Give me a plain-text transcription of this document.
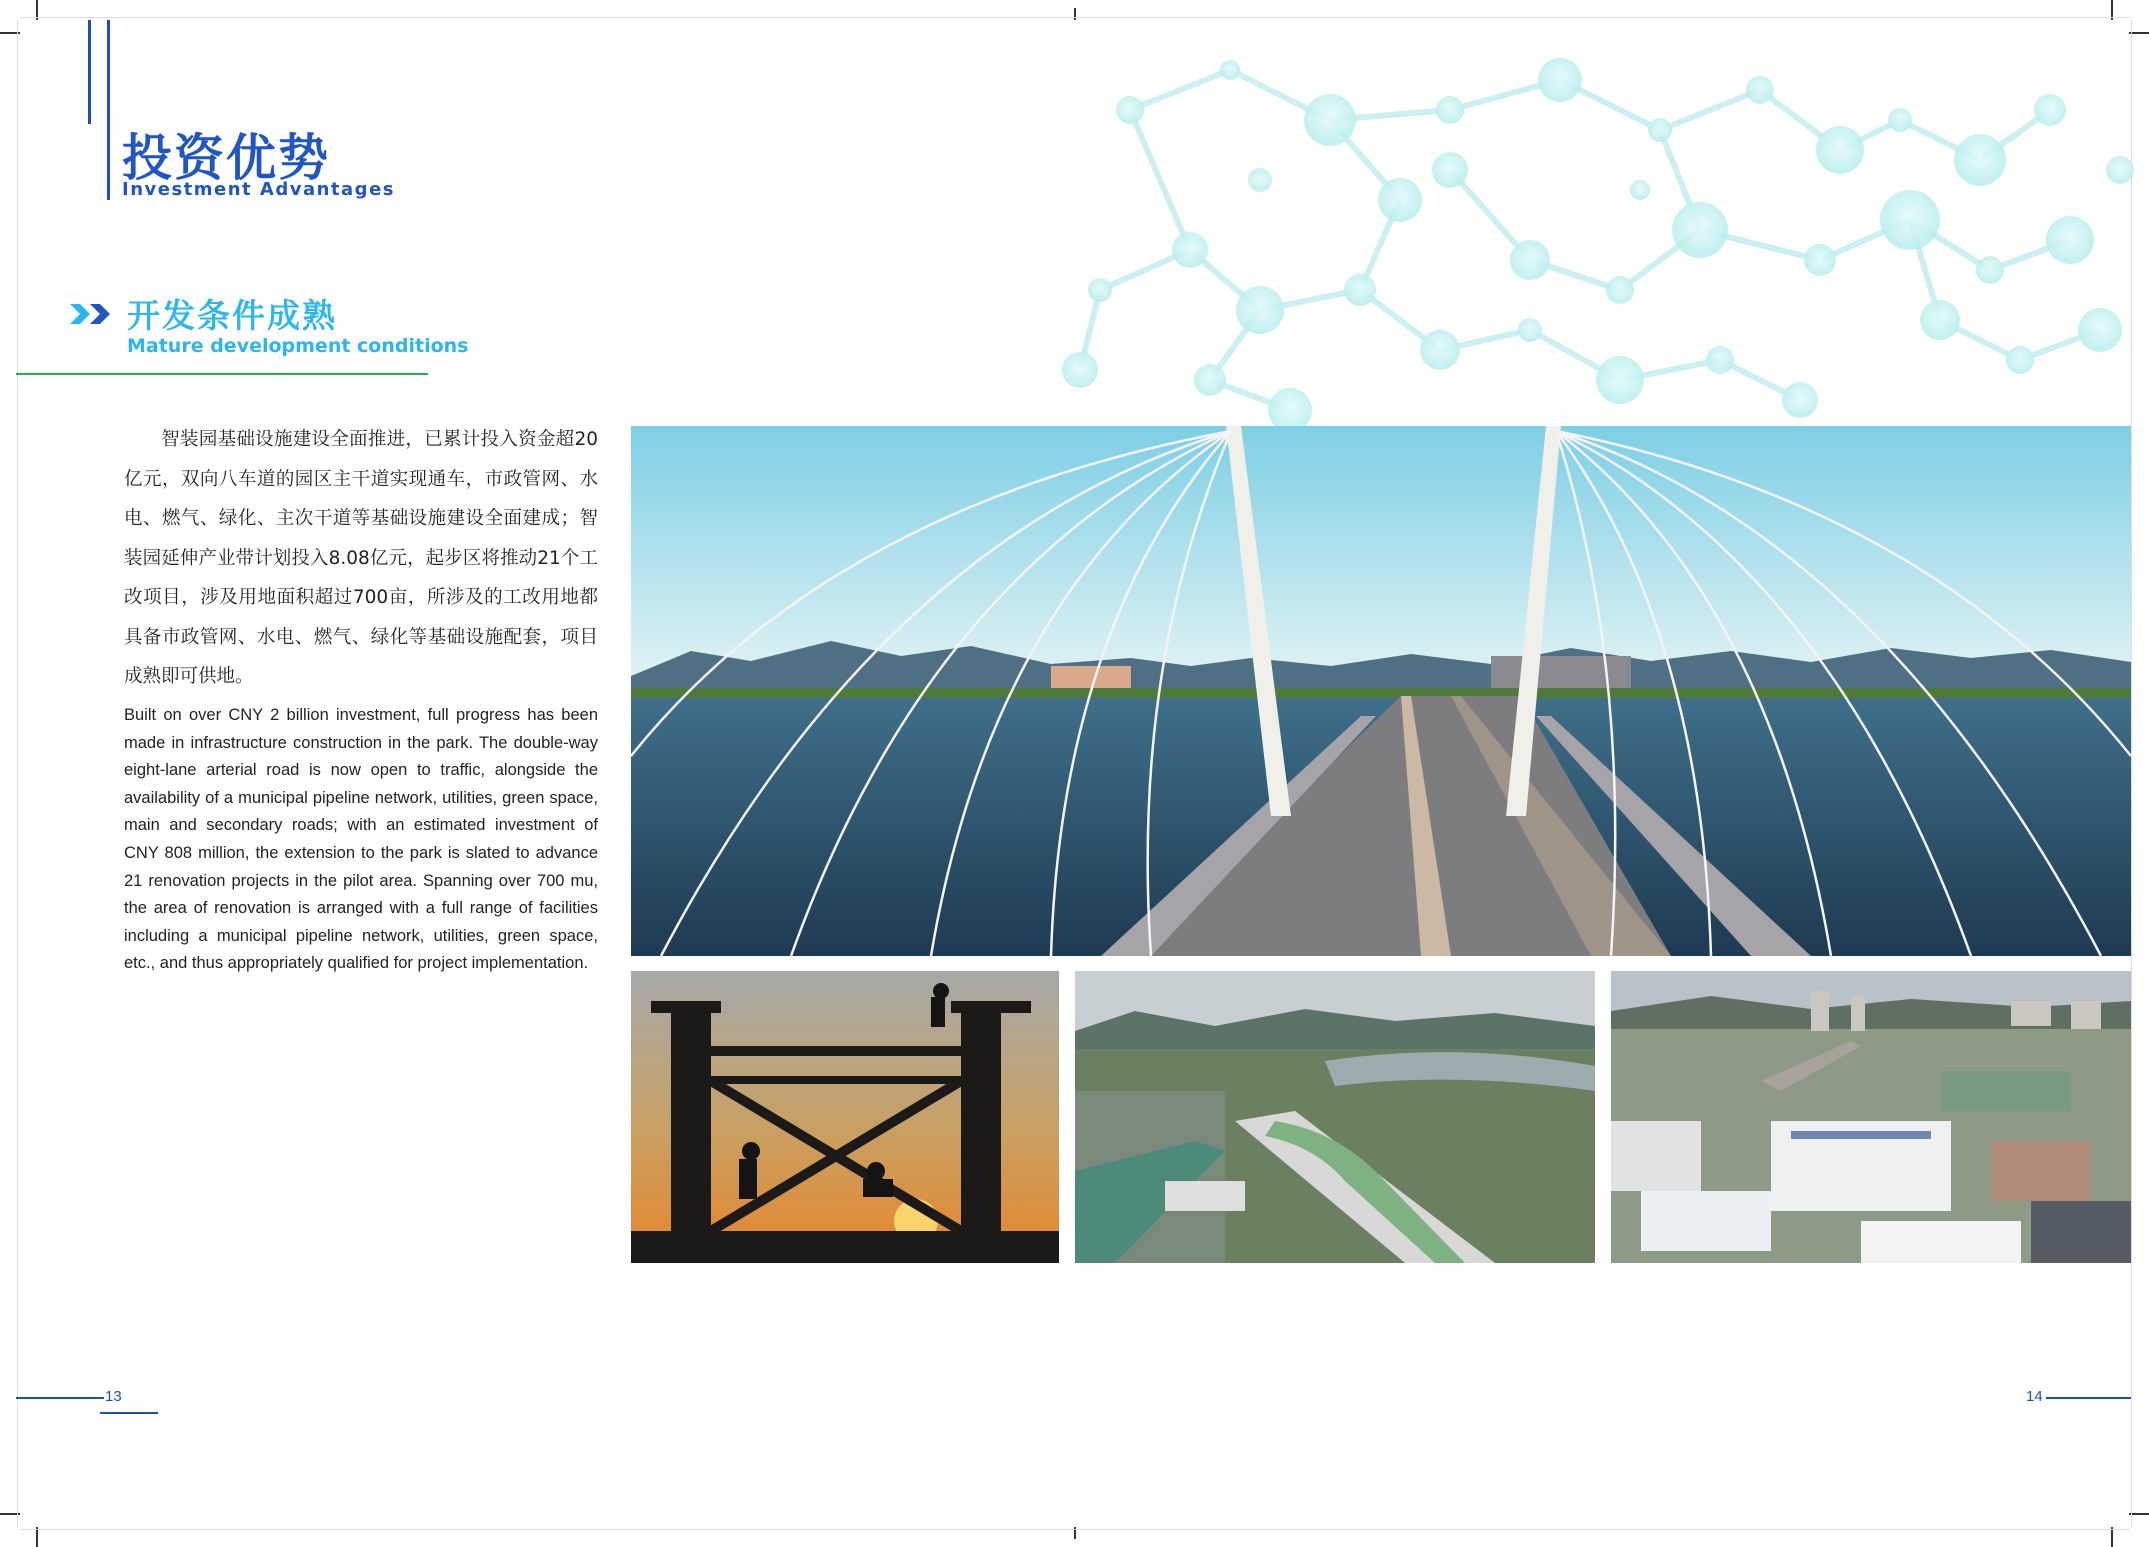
投资优势
Investment Advantages
开发条件成熟
Mature development conditions
智装园基础设施建设全面推进，已累计投入资金超20亿元，双向八车道的园区主干道实现通车，市政管网、水电、燃气、绿化、主次干道等基础设施建设全面建成；智装园延伸产业带计划投入8.08亿元，起步区将推动21个工改项目，涉及用地面积超过700亩，所涉及的工改用地都具备市政管网、水电、燃气、绿化等基础设施配套，项目成熟即可供地。
Built on over CNY 2 billion investment, full progress has been made in infrastructure construction in the park. The double-way eight-lane arterial road is now open to traffic, alongside the availability of a municipal pipeline network, utilities, green space, main and secondary roads; with an estimated investment of CNY 808 million, the extension to the park is slated to advance 21 renovation projects in the pilot area. Spanning over 700 mu, the area of renovation is arranged with a full range of facilities including a municipal pipeline network, utilities, green space, etc., and thus appropriately qualified for project implementation.
13	14
